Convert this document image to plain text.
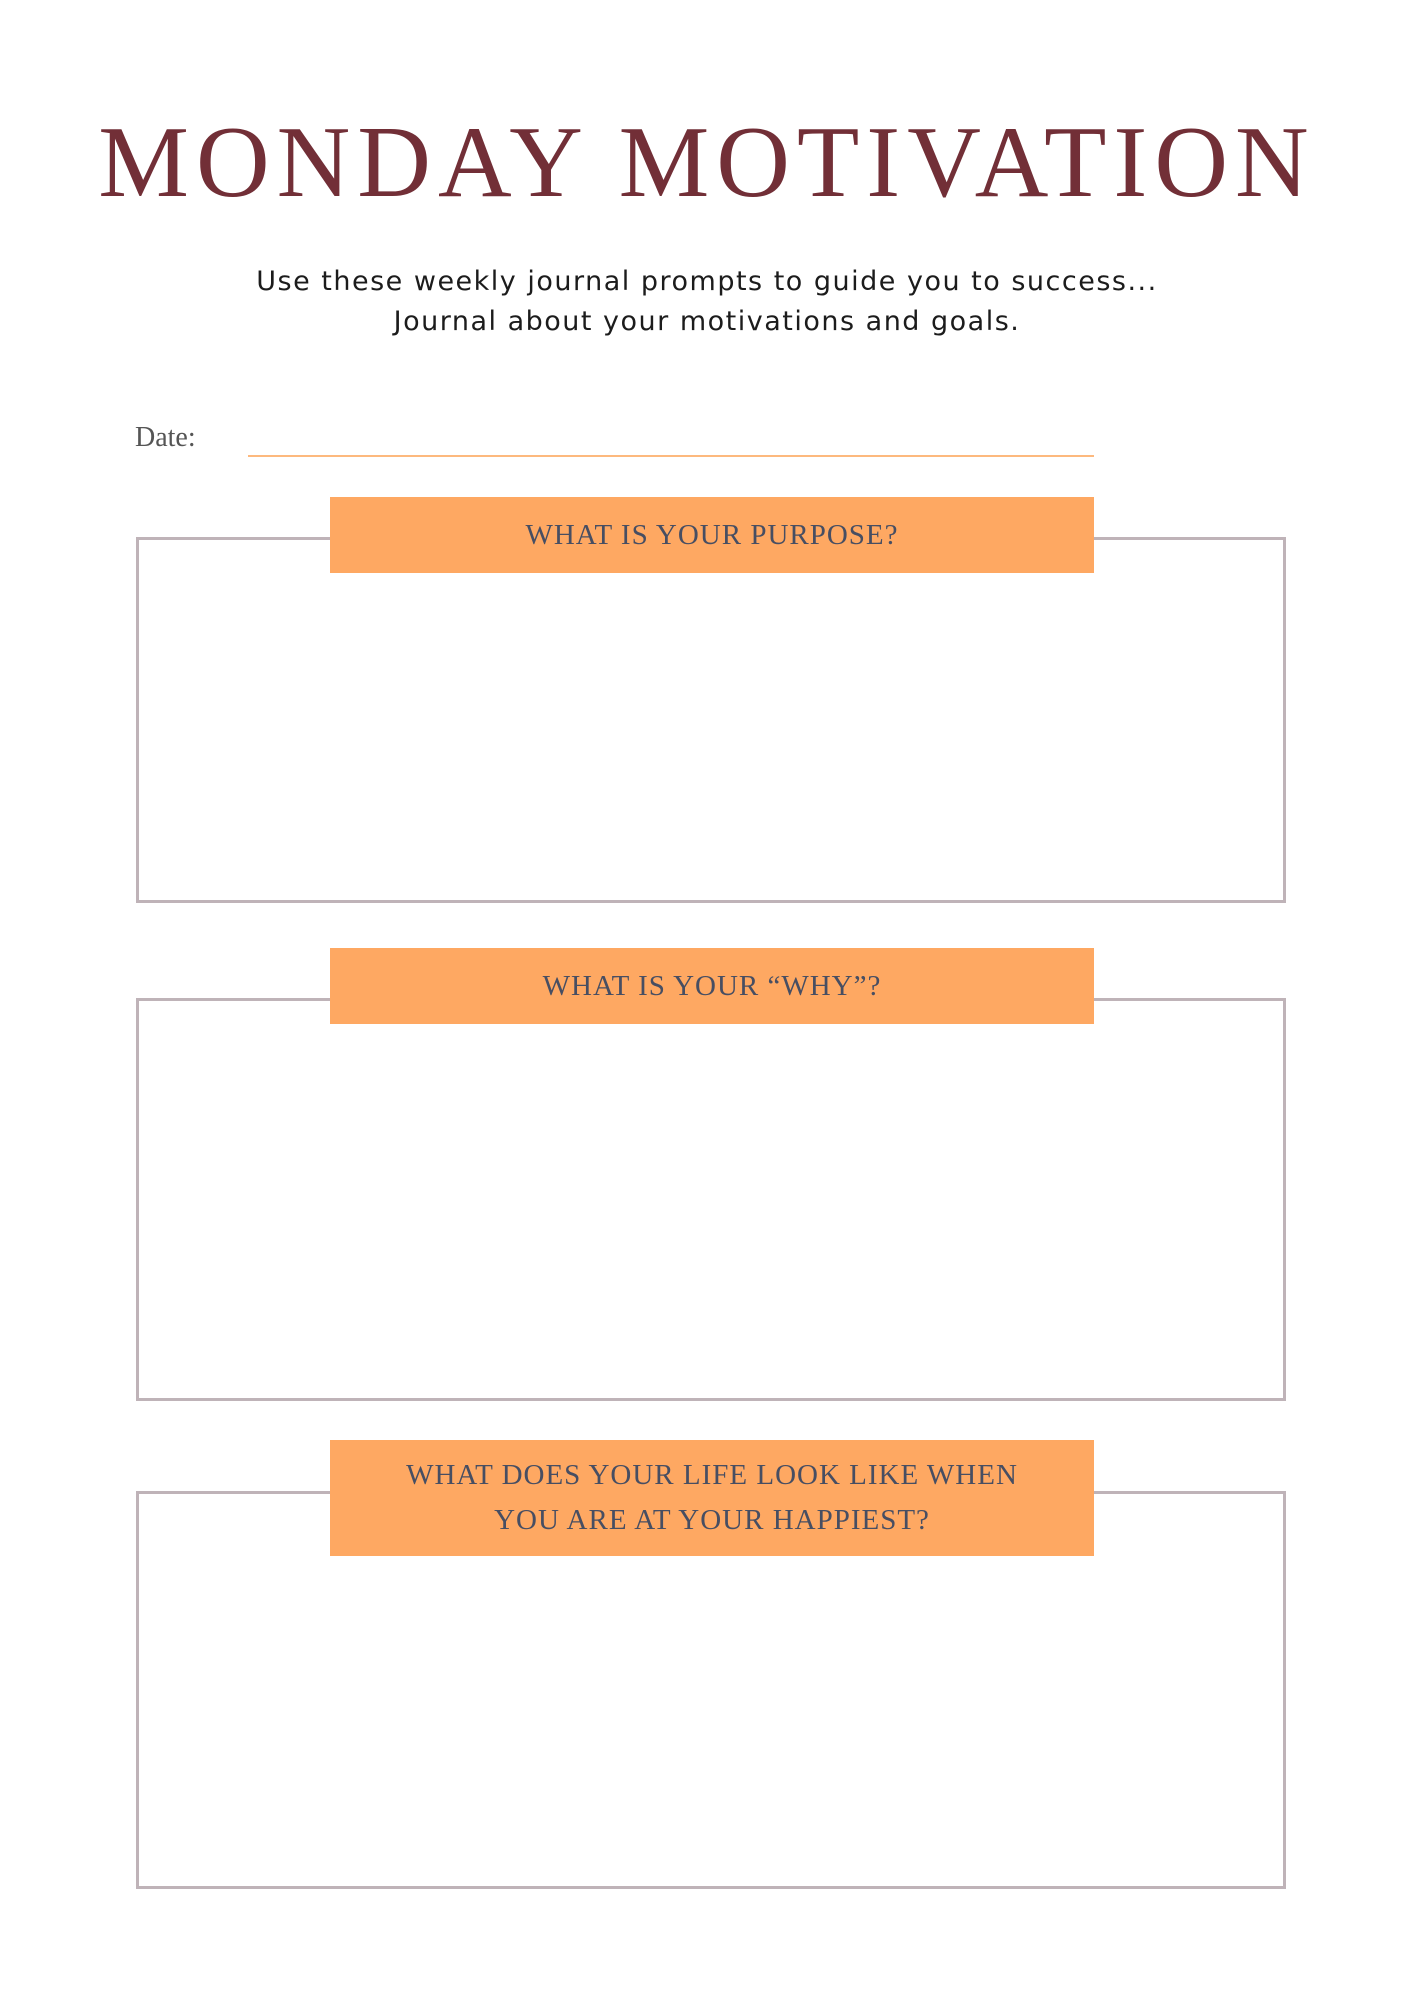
MONDAY MOTIVATION
Use these weekly journal prompts to guide you to success...
Journal about your motivations and goals.
Date:
WHAT IS YOUR PURPOSE?
WHAT IS YOUR “WHY”?
WHAT DOES YOUR LIFE LOOK LIKE WHEN YOU ARE AT YOUR HAPPIEST?
